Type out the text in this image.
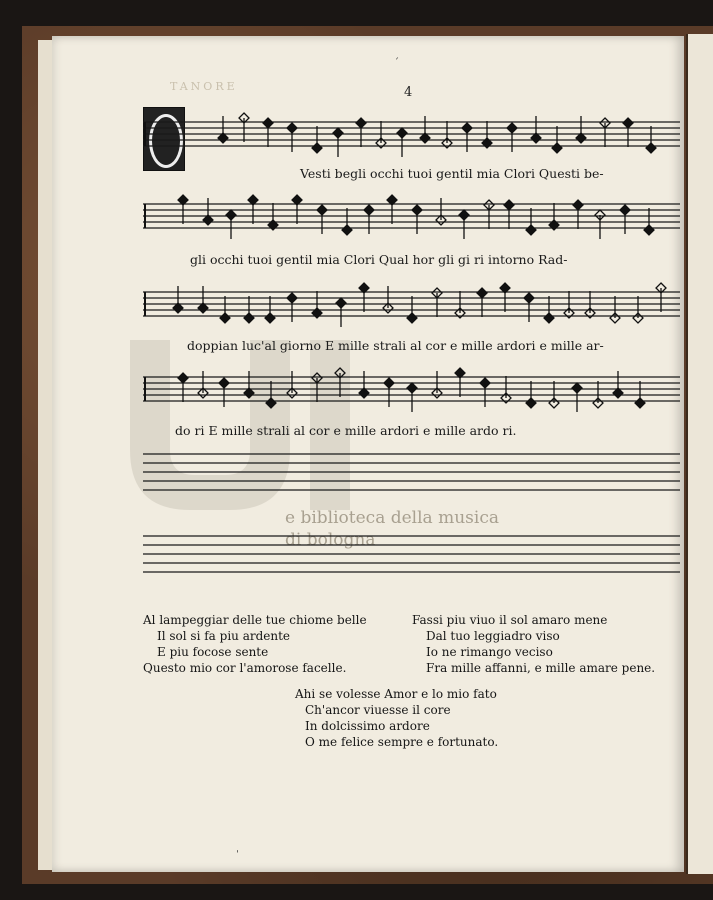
TANORE	4
e biblioteca della musica
di bologna
Vesti begli occhi tuoi gentil mia Clori Questi be-
gli occhi tuoi gentil mia Clori Qual hor gli gi ri intorno Rad-
doppian luc'al giorno E mille strali al cor e mille ardori e mille ar-
do ri E mille strali al cor e mille ardori e mille ardo ri.
Al lampeggiar delle tue chiome belle
Il sol si fa piu ardente
E piu focose sente
Questo mio cor l'amorose facelle.
Fassi piu viuo il sol amaro mene
Dal tuo leggiadro viso
Io ne rimango veciso
Fra mille affanni, e mille amare pene.
Ahi se volesse Amor e lo mio fato
Ch'ancor viuesse il core
In dolcissimo ardore
O me felice sempre e fortunato.
ˌ
ˊ
